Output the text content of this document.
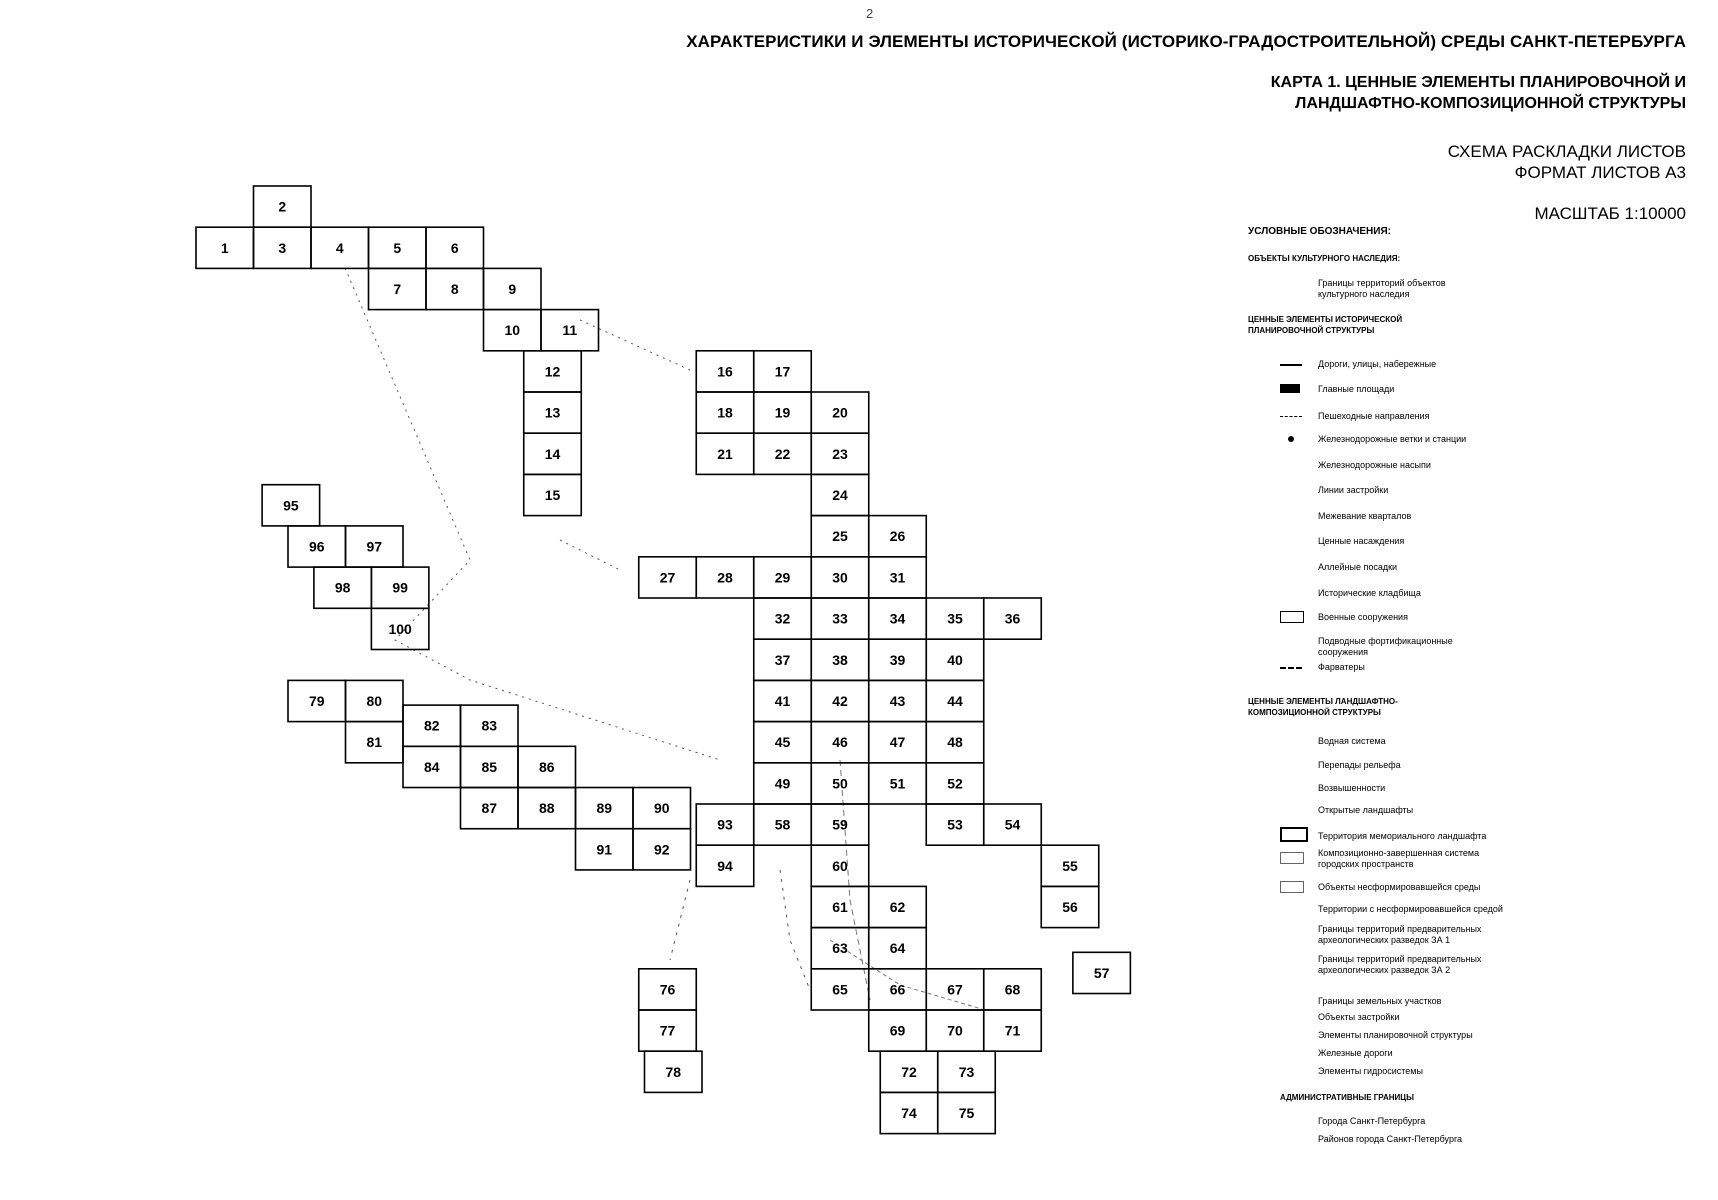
2
ХАРАКТЕРИСТИКИ И ЭЛЕМЕНТЫ ИСТОРИЧЕСКОЙ (ИСТОРИКО-ГРАДОСТРОИТЕЛЬНОЙ) СРЕДЫ САНКТ-ПЕТЕРБУРГА
КАРТА 1. ЦЕННЫЕ ЭЛЕМЕНТЫ ПЛАНИРОВОЧНОЙ И
ЛАНДШАФТНО-КОМПОЗИЦИОННОЙ СТРУКТУРЫ
СХЕМА РАСКЛАДКИ ЛИСТОВ
ФОРМАТ ЛИСТОВ А3
МАСШТАБ 1:10000
1
2
3	4	5	6
7	8	9
10	11
12
13
14
15
16	17
18	19	20
21	22	23
24
25	26
27	28	29	30	31
32	33	34	35	36
37	38	39	40
41	42	43	44
45	46	47	48
49	50	51	52
53	54
55
56
57
58	59
60
61	62
63	64
65	66	67	68
69	70	71
72	73
74	75
76
77
78
79	80
81
82	83
84	85	86
87	88	89	90
91	92
93
94
95
96	97
98	99
100
УСЛОВНЫЕ ОБОЗНАЧЕНИЯ:
ОБЪЕКТЫ КУЛЬТУРНОГО НАСЛЕДИЯ:
Границы территорий объектов
культурного наследия
ЦЕННЫЕ ЭЛЕМЕНТЫ ИСТОРИЧЕСКОЙ
ПЛАНИРОВОЧНОЙ СТРУКТУРЫ
Дороги, улицы, набережные
Главные площади
Пешеходные направления
Железнодорожные ветки и станции
Железнодорожные насыпи
Линии застройки
Межевание кварталов
Ценные насаждения
Аллейные посадки
Исторические кладбища
Военные сооружения
Подводные фортификационные
сооружения
Фарватеры
ЦЕННЫЕ ЭЛЕМЕНТЫ ЛАНДШАФТНО-
КОМПОЗИЦИОННОЙ СТРУКТУРЫ
Водная система
Перепады рельефа
Возвышенности
Открытые ландшафты
Территория мемориального ландшафта
Композиционно-завершенная система
городских пространств
Объекты несформировавшейся среды
Территории с несформировавшейся средой
Границы территорий предварительных
археологических разведок ЗА 1
Границы территорий предварительных
археологических разведок ЗА 2
Границы земельных участков
Объекты застройки
Элементы планировочной структуры
Железные дороги
Элементы гидросистемы
АДМИНИСТРАТИВНЫЕ ГРАНИЦЫ
Города Санкт-Петербурга
Районов города Санкт-Петербурга
